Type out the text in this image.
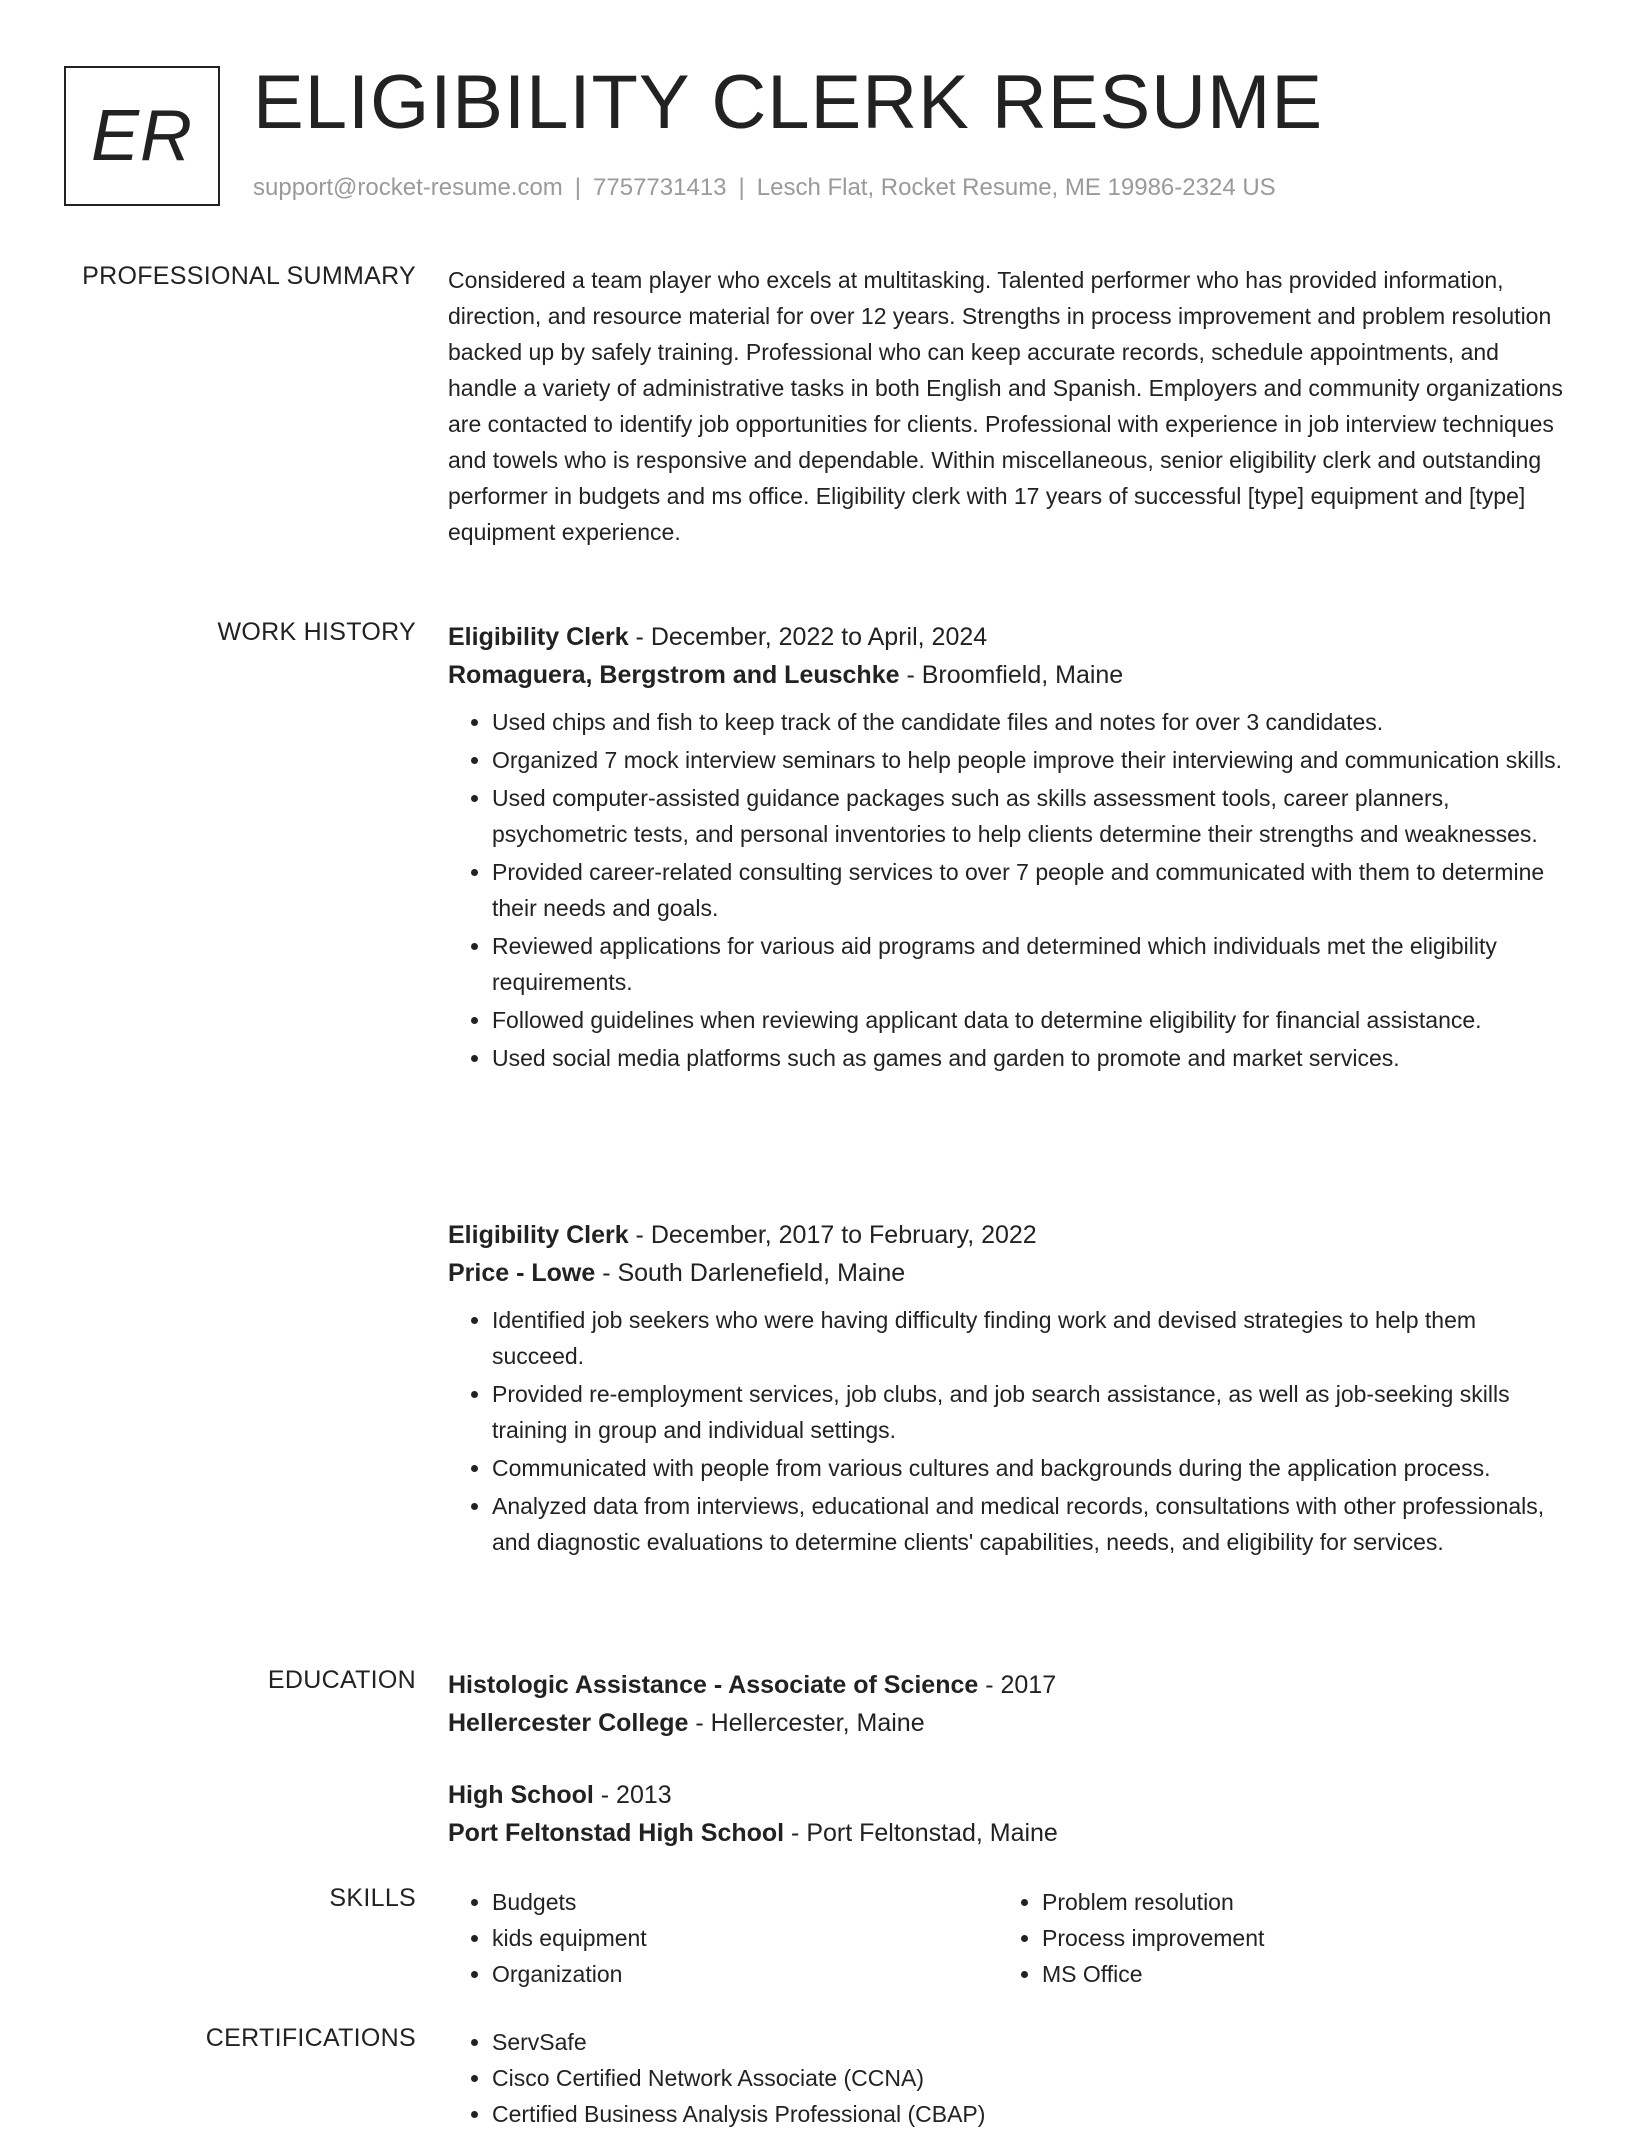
ER ELIGIBILITY CLERK RESUME
support@rocket-resume.com | 7757731413 | Lesch Flat, Rocket Resume, ME 19986-2324 US
PROFESSIONAL SUMMARY Considered a team player who excels at multitasking. Talented performer who has provided information, direction, and resource material for over 12 years. Strengths in process improvement and problem resolution backed up by safely training. Professional who can keep accurate records, schedule appointments, and handle a variety of administrative tasks in both English and Spanish. Employers and community organizations are contacted to identify job opportunities for clients. Professional with experience in job interview techniques and towels who is responsive and dependable. Within miscellaneous, senior eligibility clerk and outstanding performer in budgets and ms office. Eligibility clerk with 17 years of successful [type] equipment and [type] equipment experience.

WORK HISTORY Eligibility Clerk - December, 2022 to April, 2024
Romaguera, Bergstrom and Leuschke - Broomfield, Maine
• Used chips and fish to keep track of the candidate files and notes for over 3 candidates.
• Organized 7 mock interview seminars to help people improve their interviewing and communication skills.
• Used computer-assisted guidance packages such as skills assessment tools, career planners, psychometric tests, and personal inventories to help clients determine their strengths and weaknesses.
• Provided career-related consulting services to over 7 people and communicated with them to determine their needs and goals.
• Reviewed applications for various aid programs and determined which individuals met the eligibility requirements.
• Followed guidelines when reviewing applicant data to determine eligibility for financial assistance.
• Used social media platforms such as games and garden to promote and market services.
Eligibility Clerk - December, 2017 to February, 2022
Price - Lowe - South Darlenefield, Maine
• Identified job seekers who were having difficulty finding work and devised strategies to help them succeed.
• Provided re-employment services, job clubs, and job search assistance, as well as job-seeking skills training in group and individual settings.
• Communicated with people from various cultures and backgrounds during the application process.
• Analyzed data from interviews, educational and medical records, consultations with other professionals, and diagnostic evaluations to determine clients' capabilities, needs, and eligibility for services.
EDUCATION Histologic Assistance - Associate of Science - 2017
Hellercester College - Hellercester, Maine
High School - 2013
Port Feltonstad High School - Port Feltonstad, Maine
SKILLS	• Budgets
• kids equipment
• Organization
• Problem resolution
• Process improvement
• MS Office
CERTIFICATIONS	• ServSafe
• Cisco Certified Network Associate (CCNA)
• Certified Business Analysis Professional (CBAP)
